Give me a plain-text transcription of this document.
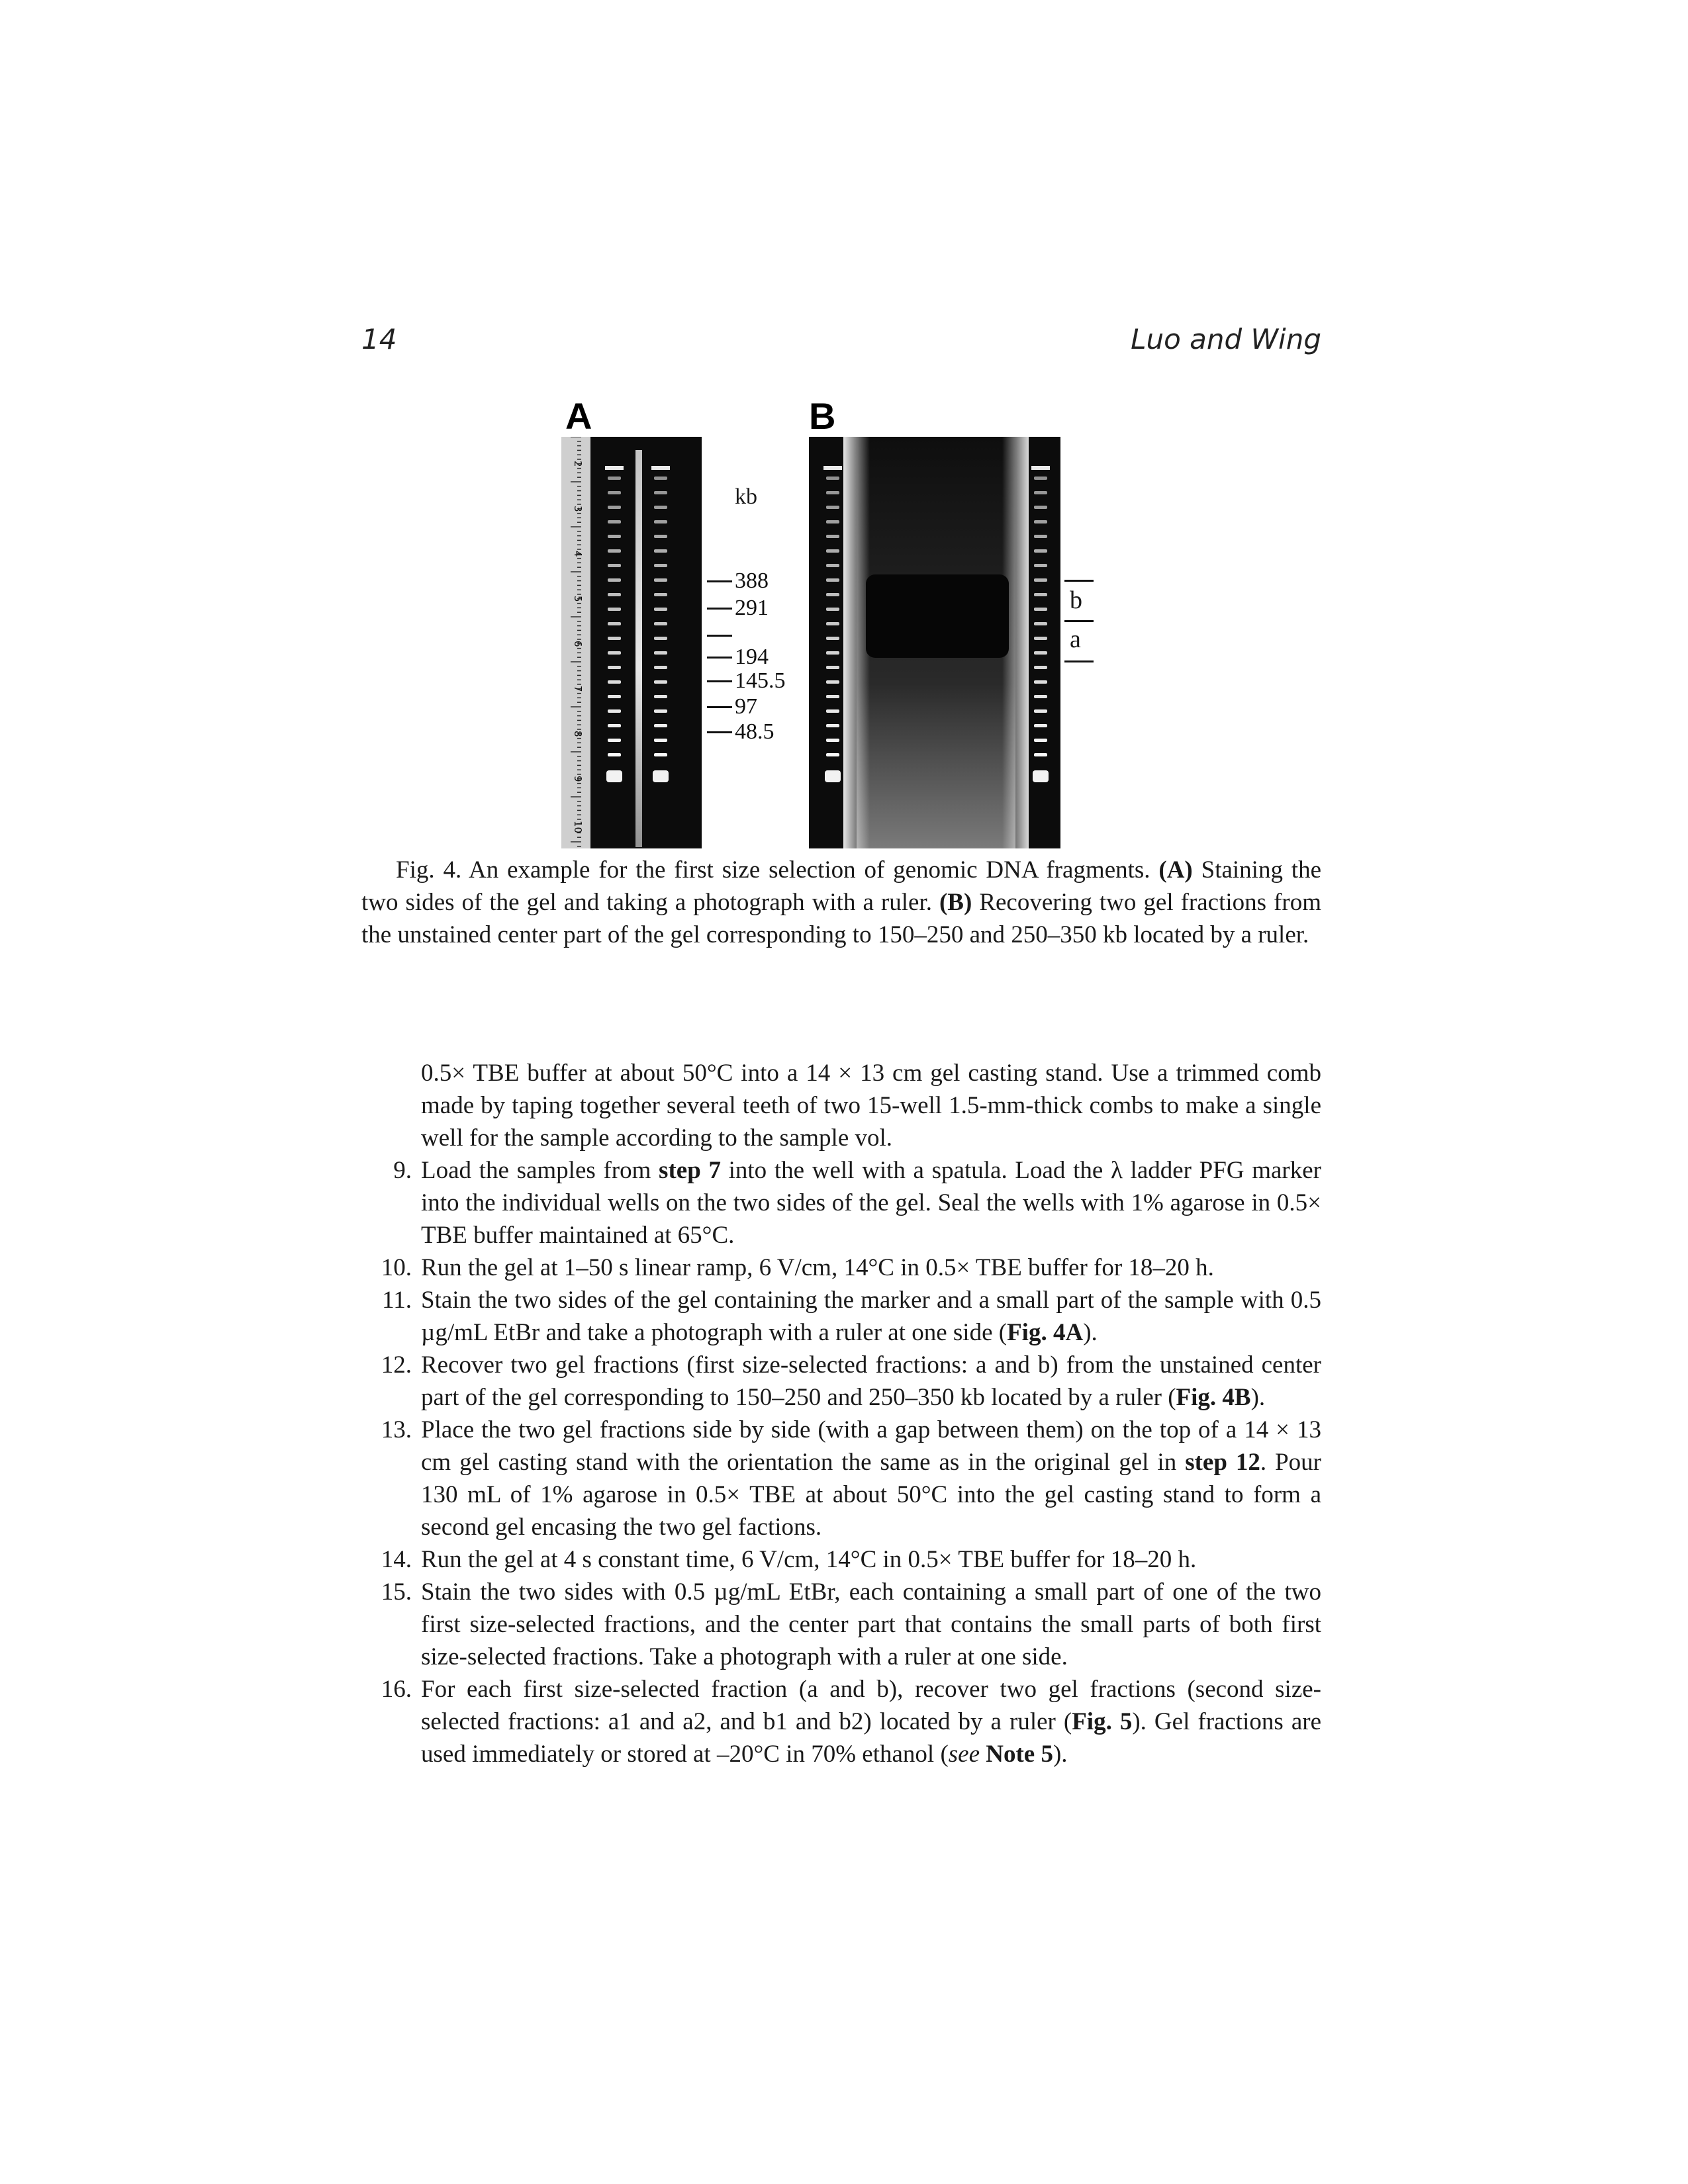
14	Luo and Wing
A	B
2
3
4
5
6
7
8
9
10
kb
388
291
194
145.5
97
48.5
b
a
Fig. 4. An example for the first size selection of genomic DNA fragments. (A) Staining the two sides of the gel and taking a photograph with a ruler. (B) Recovering two gel fractions from the unstained center part of the gel corresponding to 150–250 and 250–350 kb located by a ruler.
0.5× TBE buffer at about 50°C into a 14 × 13 cm gel casting stand. Use a trimmed comb made by taping together several teeth of two 15-well 1.5-mm-thick combs to make a single well for the sample according to the sample vol.
9. Load the samples from step 7 into the well with a spatula. Load the λ ladder PFG marker into the individual wells on the two sides of the gel. Seal the wells with 1% agarose in 0.5× TBE buffer maintained at 65°C.
10. Run the gel at 1–50 s linear ramp, 6 V/cm, 14°C in 0.5× TBE buffer for 18–20 h.
11. Stain the two sides of the gel containing the marker and a small part of the sample with 0.5 µg/mL EtBr and take a photograph with a ruler at one side (Fig. 4A).
12. Recover two gel fractions (first size-selected fractions: a and b) from the unstained center part of the gel corresponding to 150–250 and 250–350 kb located by a ruler (Fig. 4B).
13. Place the two gel fractions side by side (with a gap between them) on the top of a 14 × 13 cm gel casting stand with the orientation the same as in the original gel in step 12. Pour 130 mL of 1% agarose in 0.5× TBE at about 50°C into the gel casting stand to form a second gel encasing the two gel factions.
14. Run the gel at 4 s constant time, 6 V/cm, 14°C in 0.5× TBE buffer for 18–20 h.
15. Stain the two sides with 0.5 µg/mL EtBr, each containing a small part of one of the two first size-selected fractions, and the center part that contains the small parts of both first size-selected fractions. Take a photograph with a ruler at one side.
16. For each first size-selected fraction (a and b), recover two gel fractions (second size-selected fractions: a1 and a2, and b1 and b2) located by a ruler (Fig. 5). Gel fractions are used immediately or stored at –20°C in 70% ethanol (see Note 5).
